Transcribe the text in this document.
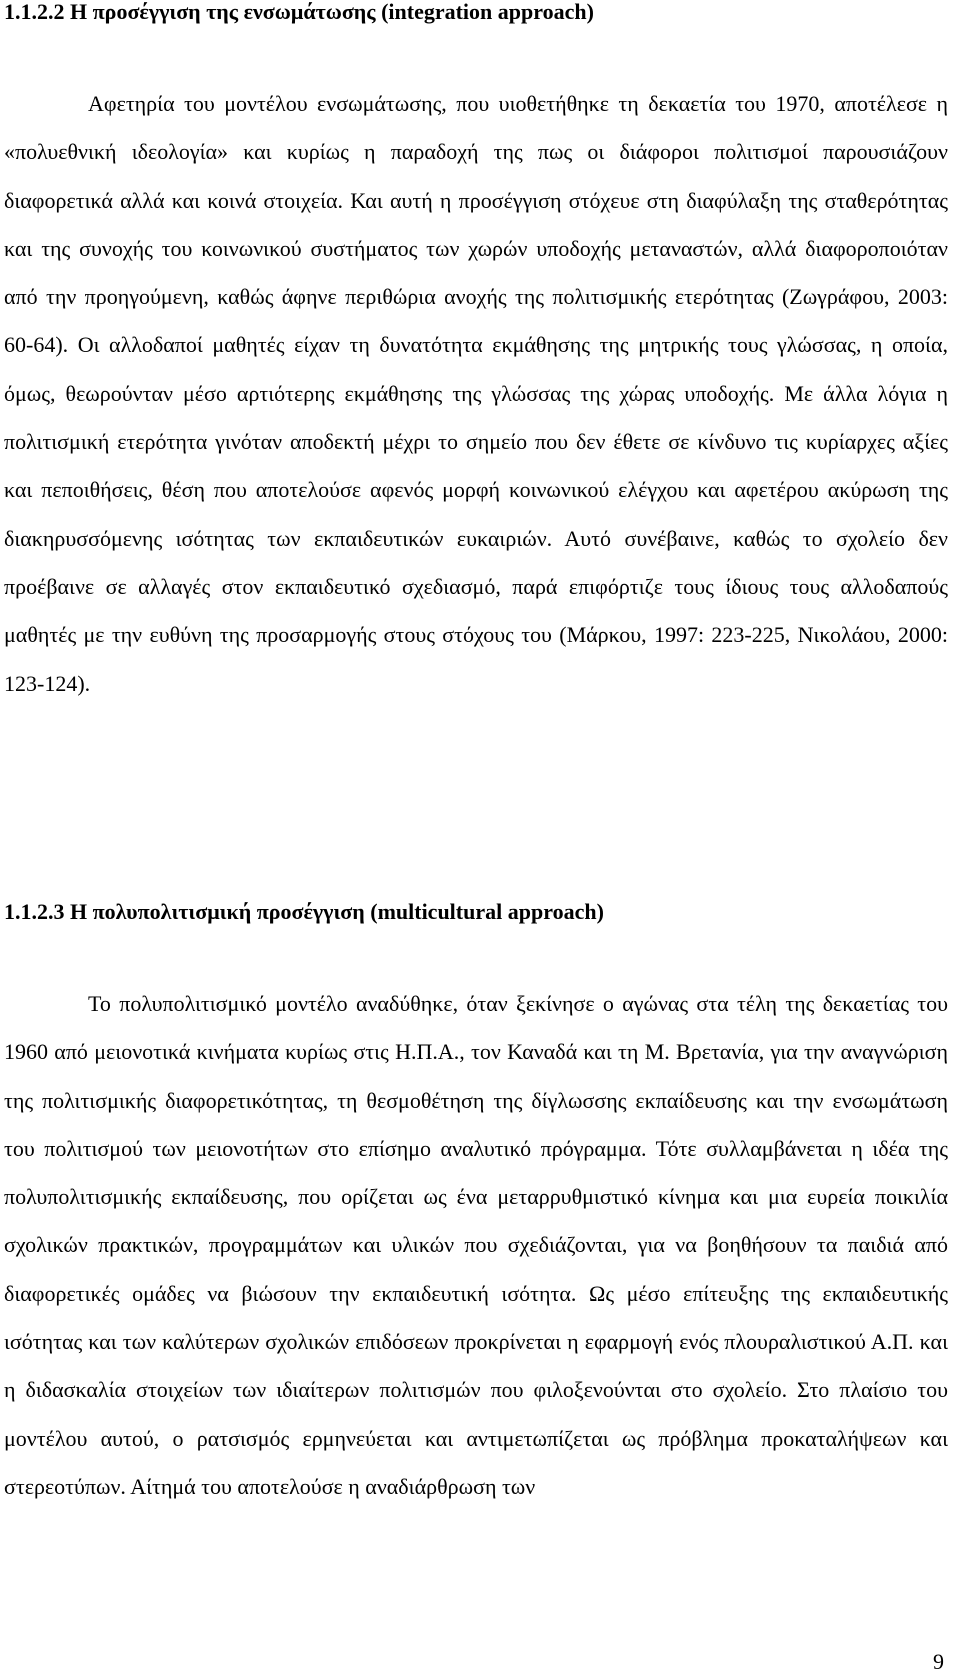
1.1.2.2 Η προσέγγιση της ενσωμάτωσης (integration approach)

Αφετηρία του μοντέλου ενσωμάτωσης, που υιοθετήθηκε τη δεκαετία του 1970, αποτέλεσε η «πολυεθνική ιδεολογία» και κυρίως η παραδοχή της πως οι διάφοροι πολιτισμοί παρουσιάζουν διαφορετικά αλλά και κοινά στοιχεία. Και αυτή η προσέγγιση στόχευε στη διαφύλαξη της σταθερότητας και της συνοχής του κοινωνικού συστήματος των χωρών υποδοχής μεταναστών, αλλά διαφοροποιόταν από την προηγούμενη, καθώς άφηνε περιθώρια ανοχής της πολιτισμικής ετερότητας (Ζωγράφου, 2003: 60-64). Οι αλλοδαποί μαθητές είχαν τη δυνατότητα εκμάθησης της μητρικής τους γλώσσας, η οποία, όμως, θεωρούνταν μέσο αρτιότερης εκμάθησης της γλώσσας της χώρας υποδοχής. Με άλλα λόγια η πολιτισμική ετερότητα γινόταν αποδεκτή μέχρι το σημείο που δεν έθετε σε κίνδυνο τις κυρίαρχες αξίες και πεποιθήσεις, θέση που αποτελούσε αφενός μορφή κοινωνικού ελέγχου και αφετέρου ακύρωση της διακηρυσσόμενης ισότητας των εκπαιδευτικών ευκαιριών. Αυτό συνέβαινε, καθώς το σχολείο δεν προέβαινε σε αλλαγές στον εκπαιδευτικό σχεδιασμό, παρά επιφόρτιζε τους ίδιους τους αλλοδαπούς μαθητές με την ευθύνη της προσαρμογής στους στόχους του (Μάρκου, 1997: 223-225, Νικολάου, 2000: 123-124).

1.1.2.3 Η πολυπολιτισμική προσέγγιση (multicultural approach)

Το πολυπολιτισμικό μοντέλο αναδύθηκε, όταν ξεκίνησε ο αγώνας στα τέλη της δεκαετίας του 1960 από μειονοτικά κινήματα κυρίως στις Η.Π.Α., τον Καναδά και τη Μ. Βρετανία, για την αναγνώριση της πολιτισμικής διαφορετικότητας, τη θεσμοθέτηση της δίγλωσσης εκπαίδευσης και την ενσωμάτωση του πολιτισμού των μειονοτήτων στο επίσημο αναλυτικό πρόγραμμα. Τότε συλλαμβάνεται η ιδέα της πολυπολιτισμικής εκπαίδευσης, που ορίζεται ως ένα μεταρρυθμιστικό κίνημα και μια ευρεία ποικιλία σχολικών πρακτικών, προγραμμάτων και υλικών που σχεδιάζονται, για να βοηθήσουν τα παιδιά από διαφορετικές ομάδες να βιώσουν την εκπαιδευτική ισότητα. Ως μέσο επίτευξης της εκπαιδευτικής ισότητας και των καλύτερων σχολικών επιδόσεων προκρίνεται η εφαρμογή ενός πλουραλιστικού Α.Π. και η διδασκαλία στοιχείων των ιδιαίτερων πολιτισμών που φιλοξενούνται στο σχολείο. Στο πλαίσιο του μοντέλου αυτού, ο ρατσισμός ερμηνεύεται και αντιμετωπίζεται ως πρόβλημα προκαταλήψεων και στερεοτύπων. Αίτημά του αποτελούσε η αναδιάρθρωση των

9
